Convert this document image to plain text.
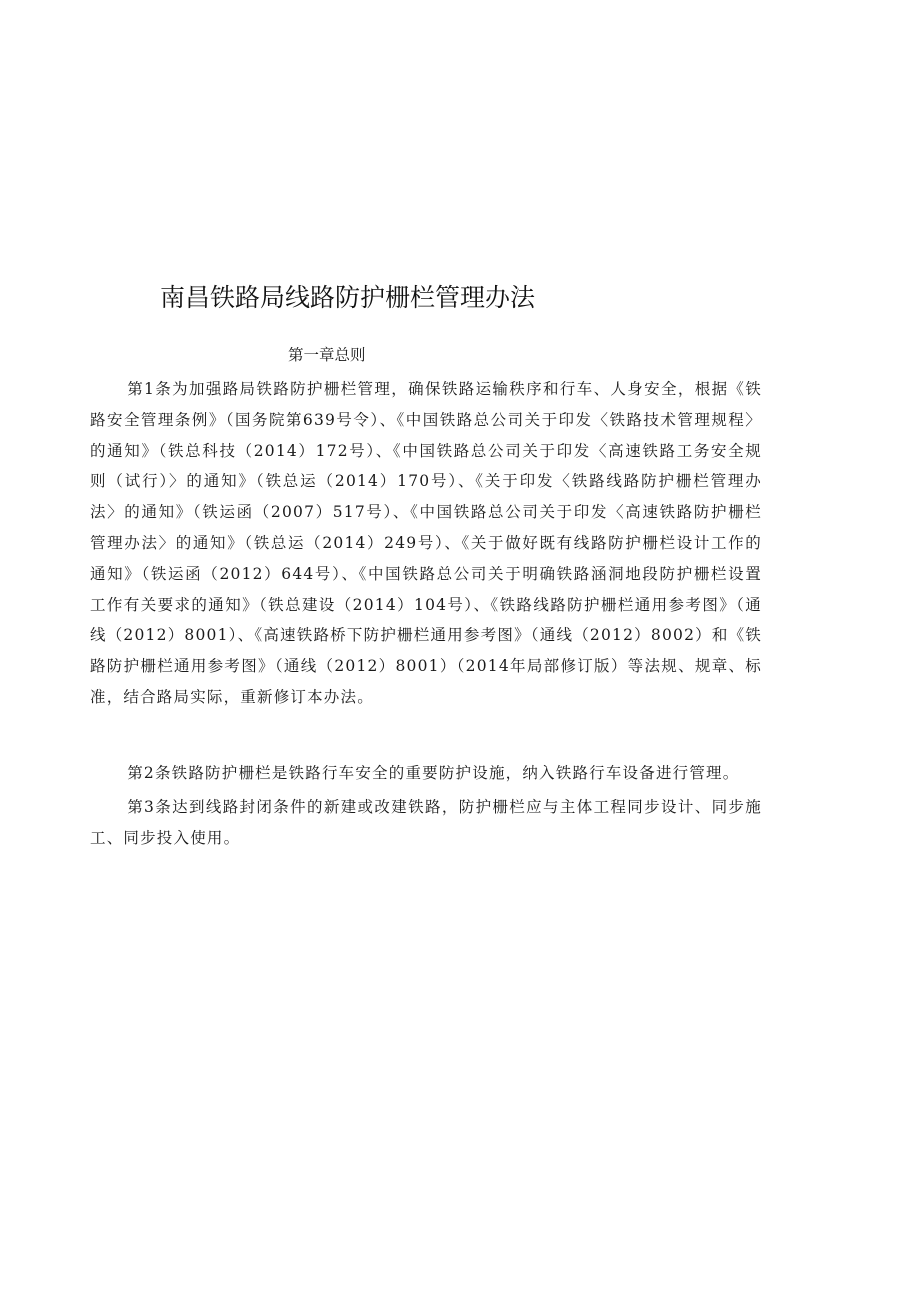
南昌铁路局线路防护栅栏管理办法
第一章总则

第1条为加强路局铁路防护栅栏管理，确保铁路运输秩序和行车、人身安全，根据《铁路安全管理条例》（国务院第639号令）、《中国铁路总公司关于印发〈铁路技术管理规程〉的通知》（铁总科技（2014）172号）、《中国铁路总公司关于印发〈高速铁路工务安全规则（试行）〉的通知》（铁总运（2014）170号）、《关于印发〈铁路线路防护栅栏管理办法〉的通知》（铁运函（2007）517号）、《中国铁路总公司关于印发〈高速铁路防护栅栏管理办法〉的通知》（铁总运（2014）249号）、《关于做好既有线路防护栅栏设计工作的通知》（铁运函（2012）644号）、《中国铁路总公司关于明确铁路涵洞地段防护栅栏设置工作有关要求的通知》（铁总建设（2014）104号）、《铁路线路防护栅栏通用参考图》（通线（2012）8001）、《高速铁路桥下防护栅栏通用参考图》（通线（2012）8002）和《铁路防护栅栏通用参考图》（通线（2012）8001）（2014年局部修订版）等法规、规章、标准，结合路局实际，重新修订本办法。

第2条铁路防护栅栏是铁路行车安全的重要防护设施，纳入铁路行车设备进行管理。

第3条达到线路封闭条件的新建或改建铁路，防护栅栏应与主体工程同步设计、同步施工、同步投入使用。
